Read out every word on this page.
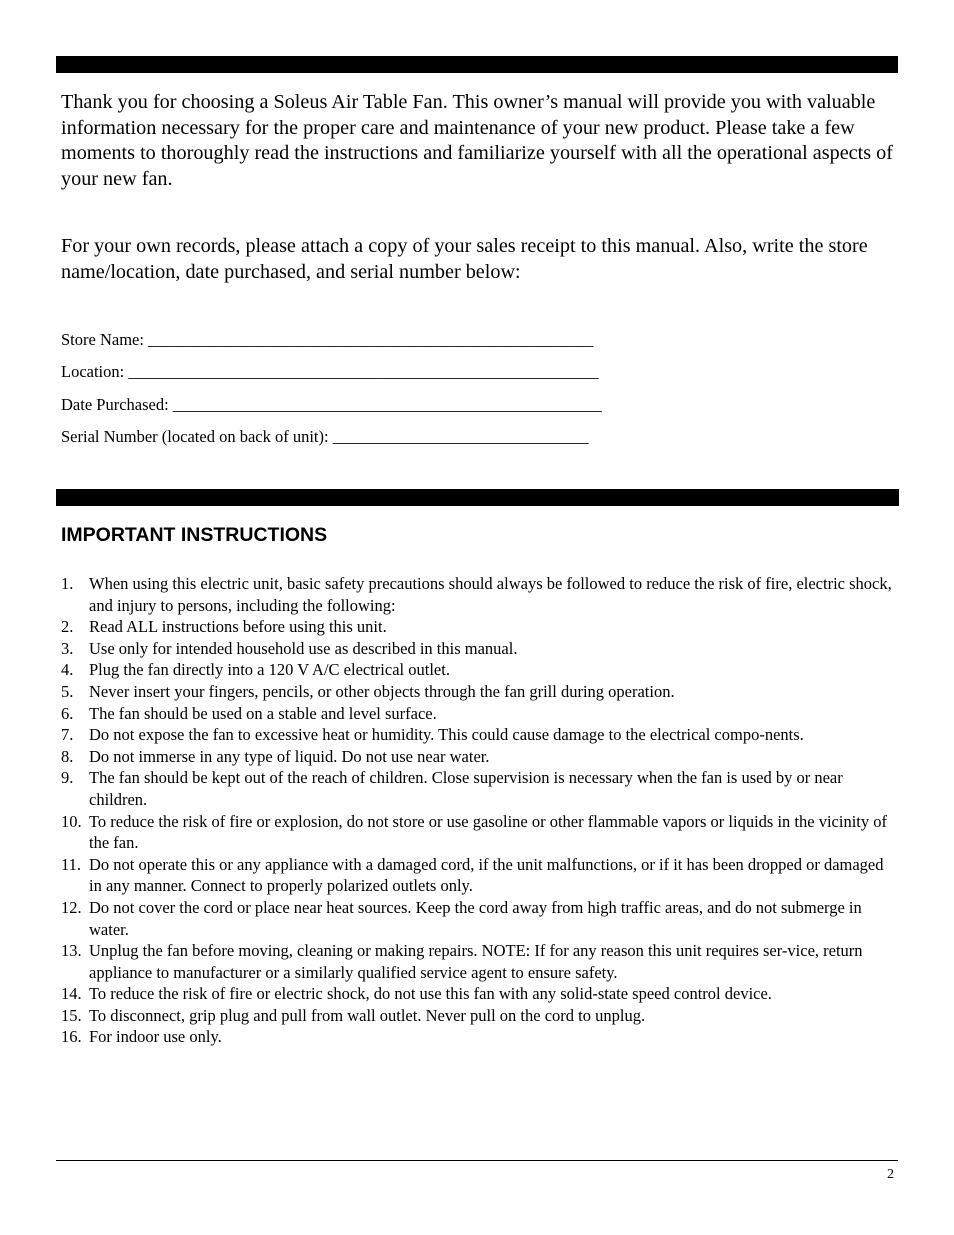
Thank you for choosing a Soleus Air Table Fan. This owner’s manual will provide you with valuable information necessary for the proper care and maintenance of your new product. Please take a few moments to thoroughly read the instructions and familiarize yourself with all the operational aspects of your new fan.

For your own records, please attach a copy of your sales receipt to this manual. Also, write the store name/location, date purchased, and serial number below:

Store Name: ______________________________________________________
Location: _________________________________________________________
Date Purchased: ____________________________________________________
Serial Number (located on back of unit): _______________________________
IMPORTANT INSTRUCTIONS
1. When using this electric unit, basic safety precautions should always be followed to reduce the risk of fire, electric shock, and injury to persons, including the following:
2. Read ALL instructions before using this unit.
3. Use only for intended household use as described in this manual.
4. Plug the fan directly into a 120 V A/C electrical outlet.
5. Never insert your fingers, pencils, or other objects through the fan grill during operation.
6. The fan should be used on a stable and level surface.
7. Do not expose the fan to excessive heat or humidity. This could cause damage to the electrical compo-nents.
8. Do not immerse in any type of liquid. Do not use near water.
9. The fan should be kept out of the reach of children. Close supervision is necessary when the fan is used by or near children.
10. To reduce the risk of fire or explosion, do not store or use gasoline or other flammable vapors or liquids in the vicinity of the fan.
11. Do not operate this or any appliance with a damaged cord, if the unit malfunctions, or if it has been dropped or damaged in any manner. Connect to properly polarized outlets only.
12. Do not cover the cord or place near heat sources. Keep the cord away from high traffic areas, and do not submerge in water.
13. Unplug the fan before moving, cleaning or making repairs. NOTE: If for any reason this unit requires ser-vice, return appliance to manufacturer or a similarly qualified service agent to ensure safety.
14. To reduce the risk of fire or electric shock, do not use this fan with any solid-state speed control device.
15. To disconnect, grip plug and pull from wall outlet. Never pull on the cord to unplug.
16. For indoor use only.
2
